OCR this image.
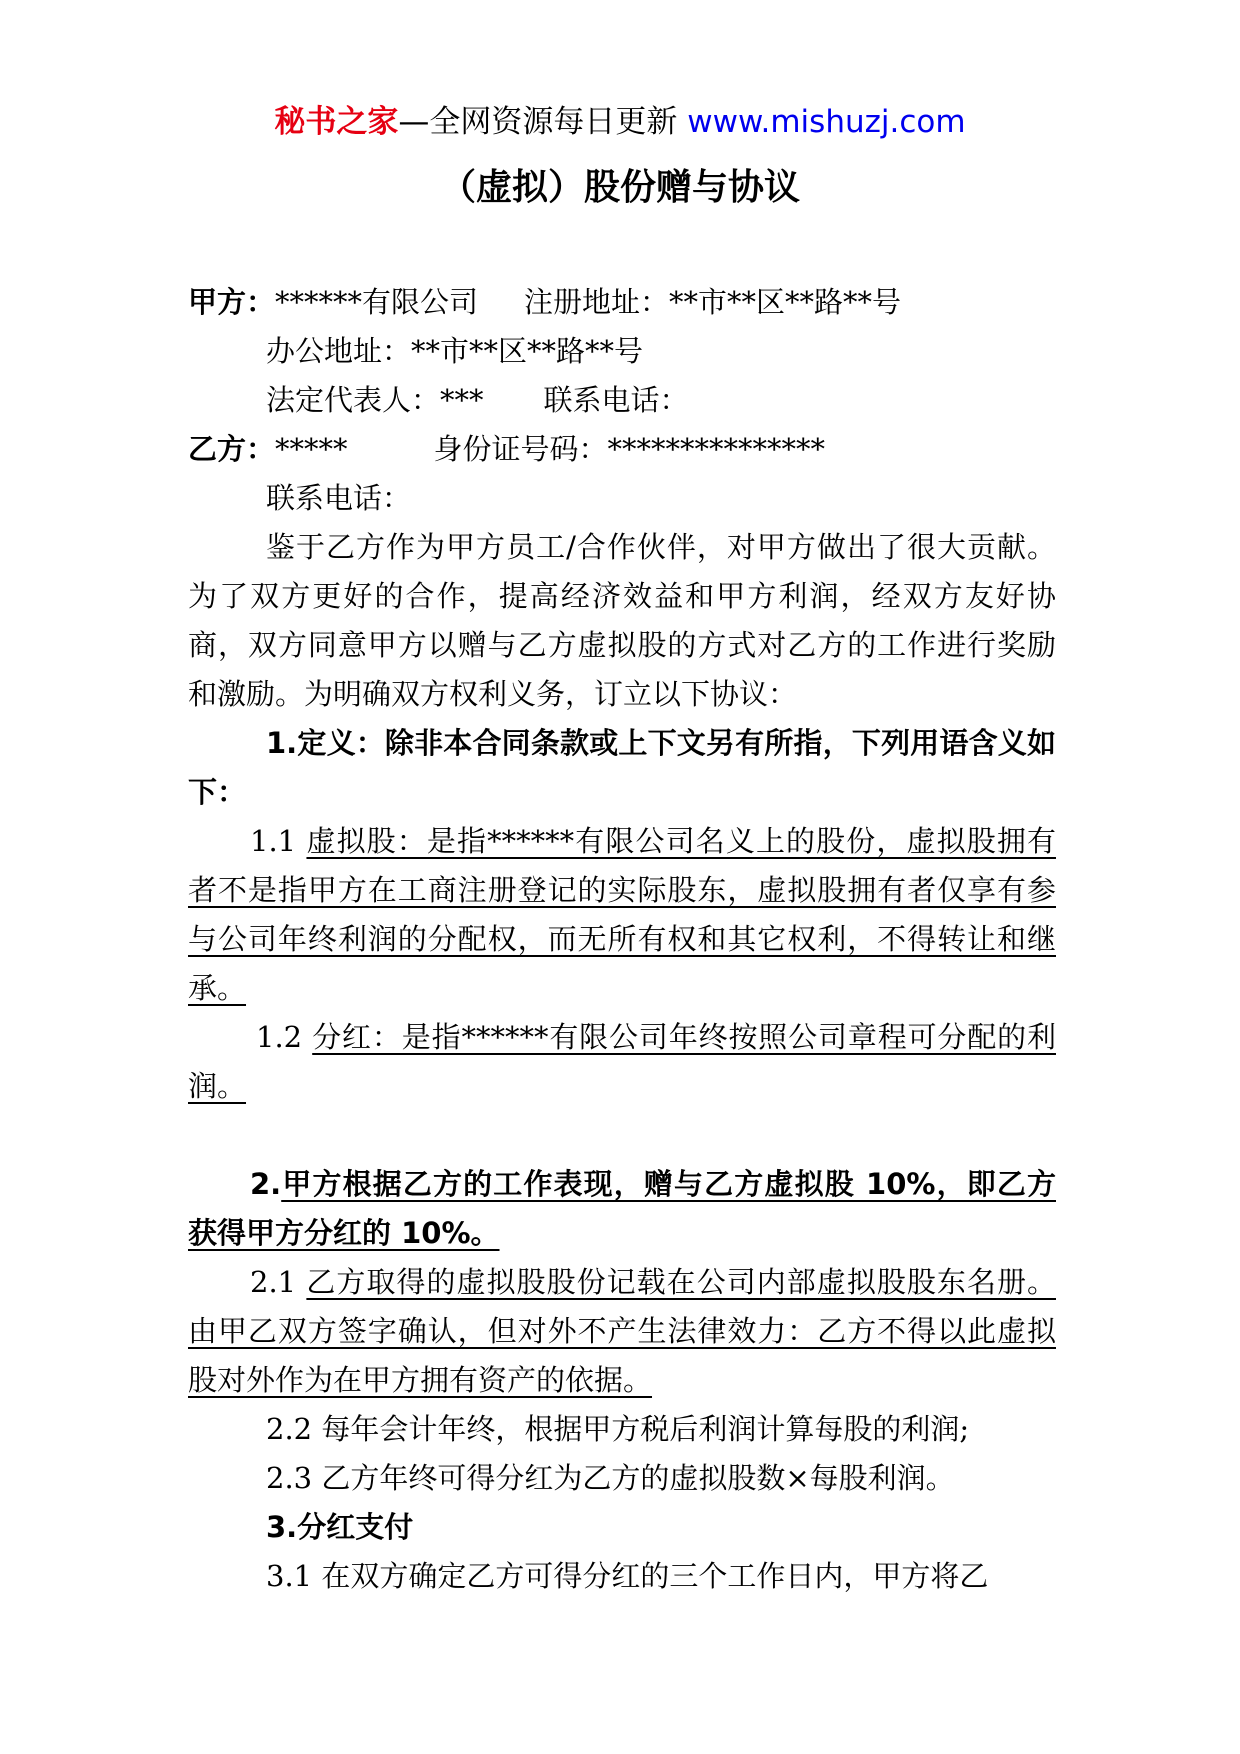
秘书之家—全网资源每日更新 www.mishuzj.com
（虚拟）股份赠与协议
甲方：******有限公司 注册地址：**市**区**路**号
办公地址：**市**区**路**号
法定代表人：*** 联系电话：
乙方：*****	身份证号码：***************
联系电话：

鉴于乙方作为甲方员工/合作伙伴，对甲方做出了很大贡献。为了双方更好的合作，提高经济效益和甲方利润，经双方友好协商，双方同意甲方以赠与乙方虚拟股的方式对乙方的工作进行奖励和激励。为明确双方权利义务，订立以下协议：

1.定义：除非本合同条款或上下文另有所指，下列用语含义如下：

1.1 虚拟股：是指******有限公司名义上的股份，虚拟股拥有者不是指甲方在工商注册登记的实际股东，虚拟股拥有者仅享有参与公司年终利润的分配权，而无所有权和其它权利，不得转让和继承。

1.2 分红：是指******有限公司年终按照公司章程可分配的利润。

2.甲方根据乙方的工作表现，赠与乙方虚拟股 10%，即乙方获得甲方分红的 10%。

2.1 乙方取得的虚拟股股份记载在公司内部虚拟股股东名册。由甲乙双方签字确认，但对外不产生法律效力：乙方不得以此虚拟股对外作为在甲方拥有资产的依据。

2.2 每年会计年终，根据甲方税后利润计算每股的利润;

2.3 乙方年终可得分红为乙方的虚拟股数×每股利润。

3.分红支付

3.1 在双方确定乙方可得分红的三个工作日内，甲方将乙
